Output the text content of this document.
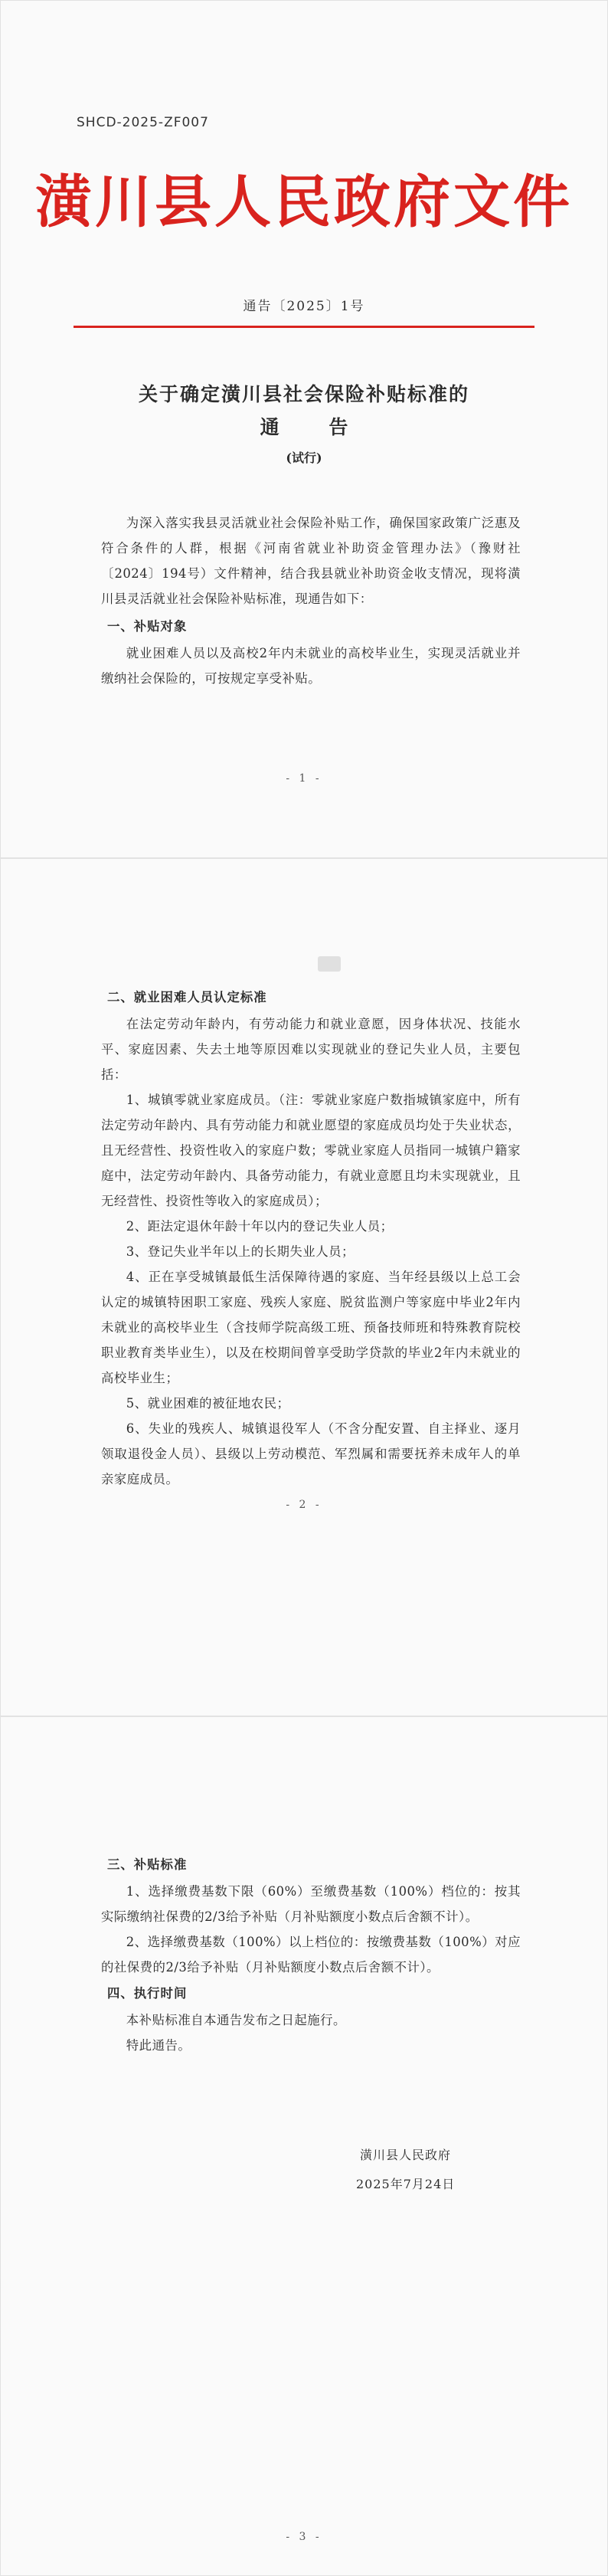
SHCD-2025-ZF007
潢川县人民政府文件
通告〔2025〕1号
关于确定潢川县社会保险补贴标准的
通 告
(试行)

为深入落实我县灵活就业社会保险补贴工作，确保国家政策广泛惠及符合条件的人群，根据《河南省就业补助资金管理办法》（豫财社〔2024〕194号）文件精神，结合我县就业补助资金收支情况，现将潢川县灵活就业社会保险补贴标准，现通告如下：

一、补贴对象

就业困难人员以及高校2年内未就业的高校毕业生，实现灵活就业并缴纳社会保险的，可按规定享受补贴。

- 1 -
二、就业困难人员认定标准

在法定劳动年龄内，有劳动能力和就业意愿，因身体状况、技能水平、家庭因素、失去土地等原因难以实现就业的登记失业人员，主要包括：

1、城镇零就业家庭成员。（注：零就业家庭户数指城镇家庭中，所有法定劳动年龄内、具有劳动能力和就业愿望的家庭成员均处于失业状态，且无经营性、投资性收入的家庭户数；零就业家庭人员指同一城镇户籍家庭中，法定劳动年龄内、具备劳动能力，有就业意愿且均未实现就业，且无经营性、投资性等收入的家庭成员）；

2、距法定退休年龄十年以内的登记失业人员；

3、登记失业半年以上的长期失业人员；

4、正在享受城镇最低生活保障待遇的家庭、当年经县级以上总工会认定的城镇特困职工家庭、残疾人家庭、脱贫监测户等家庭中毕业2年内未就业的高校毕业生（含技师学院高级工班、预备技师班和特殊教育院校职业教育类毕业生），以及在校期间曾享受助学贷款的毕业2年内未就业的高校毕业生；

5、就业困难的被征地农民；

6、失业的残疾人、城镇退役军人（不含分配安置、自主择业、逐月领取退役金人员）、县级以上劳动模范、军烈属和需要抚养未成年人的单亲家庭成员。

- 2 -
三、补贴标准

1、选择缴费基数下限（60%）至缴费基数（100%）档位的：按其实际缴纳社保费的2/3给予补贴（月补贴额度小数点后舍额不计）。

2、选择缴费基数（100%）以上档位的：按缴费基数（100%）对应的社保费的2/3给予补贴（月补贴额度小数点后舍额不计）。

四、执行时间

本补贴标准自本通告发布之日起施行。

特此通告。

潢川县人民政府
2025年7月24日
- 3 -
